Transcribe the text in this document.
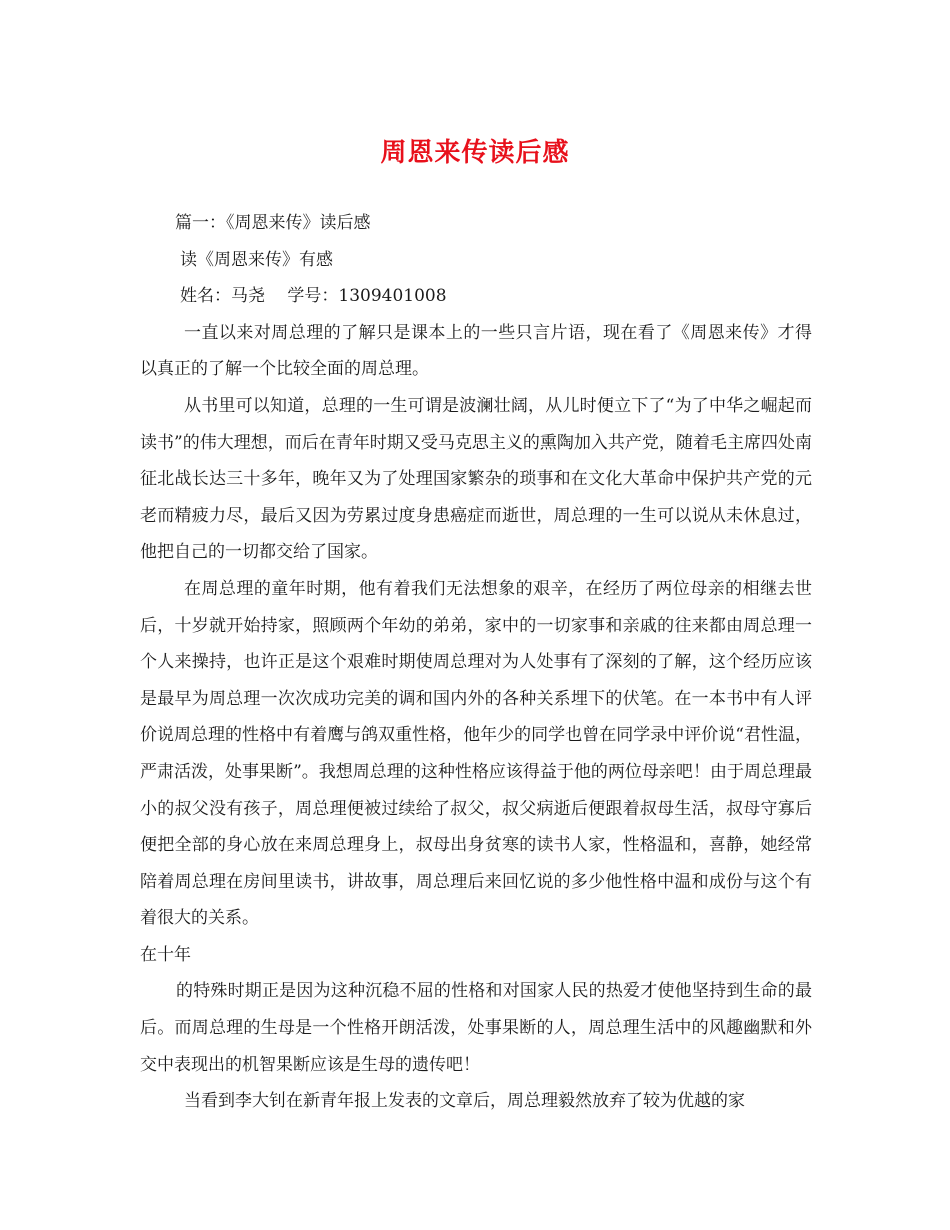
周恩来传读后感

篇一：《周恩来传》读后感

读《周恩来传》有感

姓名：马尧　 学号：1309401008

一直以来对周总理的了解只是课本上的一些只言片语，现在看了《周恩来传》才得以真正的了解一个比较全面的周总理。

从书里可以知道，总理的一生可谓是波澜壮阔，从儿时便立下了“为了中华之崛起而读书”的伟大理想，而后在青年时期又受马克思主义的熏陶加入共产党，随着毛主席四处南征北战长达三十多年，晚年又为了处理国家繁杂的琐事和在文化大革命中保护共产党的元老而精疲力尽，最后又因为劳累过度身患癌症而逝世，周总理的一生可以说从未休息过，他把自己的一切都交给了国家。

在周总理的童年时期，他有着我们无法想象的艰辛，在经历了两位母亲的相继去世后，十岁就开始持家，照顾两个年幼的弟弟，家中的一切家事和亲戚的往来都由周总理一个人来操持，也许正是这个艰难时期使周总理对为人处事有了深刻的了解，这个经历应该是最早为周总理一次次成功完美的调和国内外的各种关系埋下的伏笔。在一本书中有人评价说周总理的性格中有着鹰与鸽双重性格，他年少的同学也曾在同学录中评价说“君性温，严肃活泼，处事果断”。我想周总理的这种性格应该得益于他的两位母亲吧！由于周总理最小的叔父没有孩子，周总理便被过续给了叔父，叔父病逝后便跟着叔母生活，叔母守寡后便把全部的身心放在来周总理身上，叔母出身贫寒的读书人家，性格温和，喜静，她经常陪着周总理在房间里读书，讲故事，周总理后来回忆说的多少他性格中温和成份与这个有着很大的关系。

在十年

的特殊时期正是因为这种沉稳不屈的性格和对国家人民的热爱才使他坚持到生命的最后。而周总理的生母是一个性格开朗活泼，处事果断的人，周总理生活中的风趣幽默和外交中表现出的机智果断应该是生母的遗传吧！

当看到李大钊在新青年报上发表的文章后，周总理毅然放弃了较为优越的家
